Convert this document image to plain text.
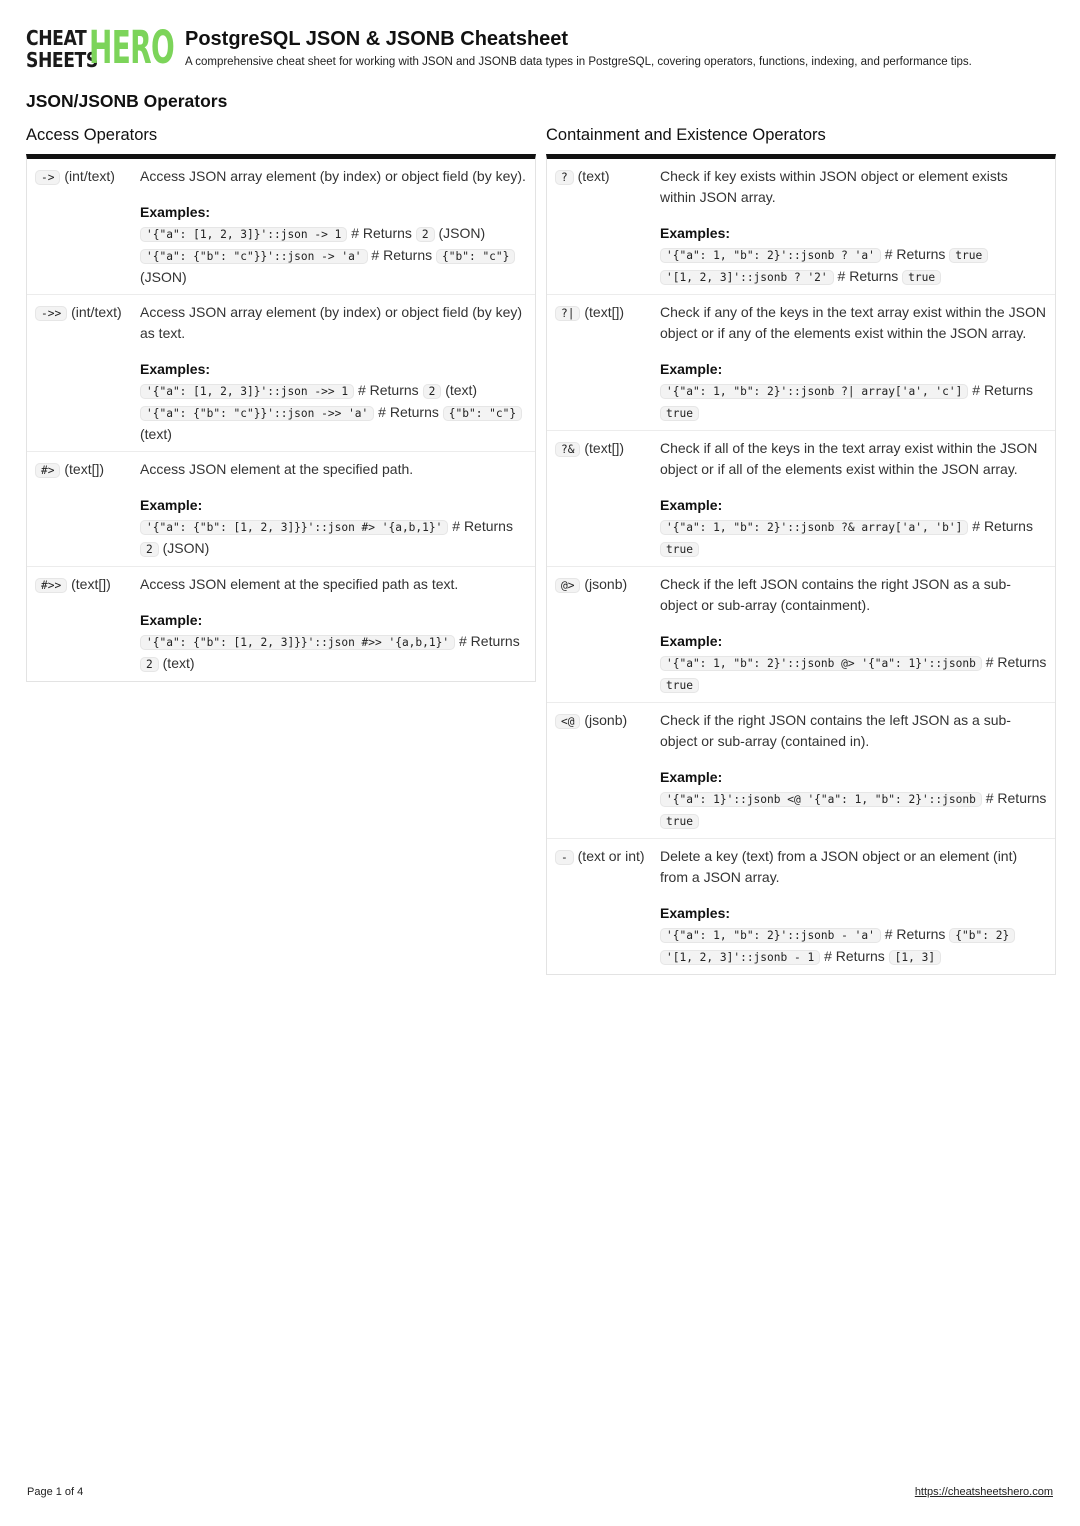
CHEAT
SHEETS
HERO PostgreSQL JSON & JSONB Cheatsheet
A comprehensive cheat sheet for working with JSON and JSONB data types in PostgreSQL, covering operators, functions, indexing, and performance tips.
JSON/JSONB Operators
Access Operators
-> (int/text)	Access JSON array element (by index) or object field (by key).

Examples:

'{"a": [1, 2, 3]}'::json -> 1 # Returns 2 (JSON)

'{"a": {"b": "c"}}'::json -> 'a' # Returns {"b": "c"} (JSON)

->> (int/text)	Access JSON array element (by index) or object field (by key) as text.

Examples:

'{"a": [1, 2, 3]}'::json ->> 1 # Returns 2 (text)

'{"a": {"b": "c"}}'::json ->> 'a' # Returns {"b": "c"} (text)

#> (text[])	Access JSON element at the specified path.

Example:

'{"a": {"b": [1, 2, 3]}}'::json #> '{a,b,1}' # Returns 2 (JSON)

#>> (text[])	Access JSON element at the specified path as text.

Example:

'{"a": {"b": [1, 2, 3]}}'::json #>> '{a,b,1}' # Returns 2 (text)

Containment and Existence Operators
? (text)	Check if key exists within JSON object or element exists within JSON array.

Examples:

'{"a": 1, "b": 2}'::jsonb ? 'a' # Returns true

'[1, 2, 3]'::jsonb ? '2' # Returns true

?| (text[])	Check if any of the keys in the text array exist within the JSON object or if any of the elements exist within the JSON array.

Example:

'{"a": 1, "b": 2}'::jsonb ?| array['a', 'c'] # Returns true

?& (text[])	Check if all of the keys in the text array exist within the JSON object or if all of the elements exist within the JSON array.

Example:

'{"a": 1, "b": 2}'::jsonb ?& array['a', 'b'] # Returns true

@> (jsonb)	Check if the left JSON contains the right JSON as a sub-object or sub-array (containment).

Example:

'{"a": 1, "b": 2}'::jsonb @> '{"a": 1}'::jsonb # Returns true

<@ (jsonb)	Check if the right JSON contains the left JSON as a sub-object or sub-array (contained in).

Example:

'{"a": 1}'::jsonb <@ '{"a": 1, "b": 2}'::jsonb # Returns true

- (text or int)	Delete a key (text) from a JSON object or an element (int) from a JSON array.

Examples:

'{"a": 1, "b": 2}'::jsonb - 'a' # Returns {"b": 2}

'[1, 2, 3]'::jsonb - 1 # Returns [1, 3]

Page 1 of 4	https://cheatsheetshero.com
